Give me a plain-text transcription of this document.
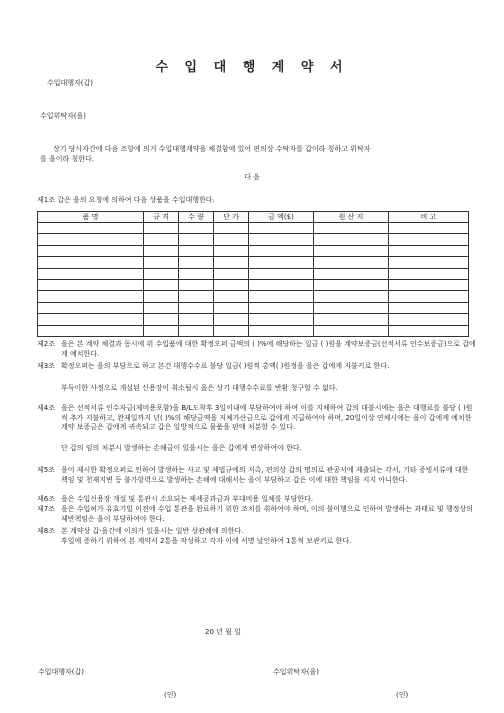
수 입 대 행 계 약 서
수입대행자(갑)
수입위탁자(을)
상기 당사자간에 다음 조항에 의거 수입대행계약을 체결함에 있어 편의상 수탁자를 갑이라 칭하고 위탁자
를 을이라 칭한다.
다 음
제1조 갑은 을의 요청에 의하여 다음 상품을 수입대행한다.
품 명	규 격	수 량	단 가	금 액($)	원 산 지	비 고

제2조 을은 본 계약 체결과 동시에 위 수입품에 대한 확정오퍼 금액의 ( )%에 해당하는 일금 ( )원을 계약보증금(선적서류 인수보증금)으로 갑에게 예치한다.
제3조 확정오퍼는 을의 부담으로 하고 본건 대행수수료 불당 일금( )원씩 총액( )원정을 을은 갑에게 지불키로 한다.
부득이한 사정으로 개설된 신용장이 취소될시 을은 상기 대행수수료를 반환 청구할 수 없다.
제4조 을은 선적서류 인수자금(제비용포함)을 B/L도착후 3일이내에 부담하여야 하며 이를 지체하여 갑의 대불시에는 을은 대행료를 불당 ( )원씩 추가 지불하고, 완제일까지 년( )%의 해당금액을 지체가산금으로 갑에게 지급하여야 하며, 20일이상 연체시에는 을이 갑에게 예치한 계약 보증금은 갑에게 귀속되고 갑은 일방적으로 물품을 판매 처분할 수 있다.
단 갑의 임의 처분시 발생하는 손해금이 있을시는 을은 갑에게 변상하여야 한다.
제5조 을이 제시한 확정오퍼로 인하여 발생하는 사고 및 제법규에의 저촉, 편의상 갑의 명의로 관공서에 제출되는 각서, 기타 증빙서류에 대한 책임 및 천재지변 등 불가항력으로 발생하는 손해에 대해서는 을이 부담하고 갑은 이에 대한 책임을 지지 아니한다.
제6조 을은 수입신용장 개설 및 통관시 소요되는 제세공과금과 부대비용 일체를 부담한다.
제7조 을은 수입허가 유효기일 이전에 수입 통관을 완료하기 위한 조치를 취하여야 하며, 이의 불이행으로 인하여 발생하는 과태료 및 행정상의 제반책임은 을이 부담하여야 한다.
제8조 본 계약상 갑·을간에 이의가 있을시는 일반 상관례에 의한다.
후일에 증하기 위하여 본 계약서 2통을 작성하고 각자 이에 서명 날인하여 1통씩 보관키로 한다.
20 년 월 일
수입대행자(갑)	수입위탁자(을)
(인)	(인)
